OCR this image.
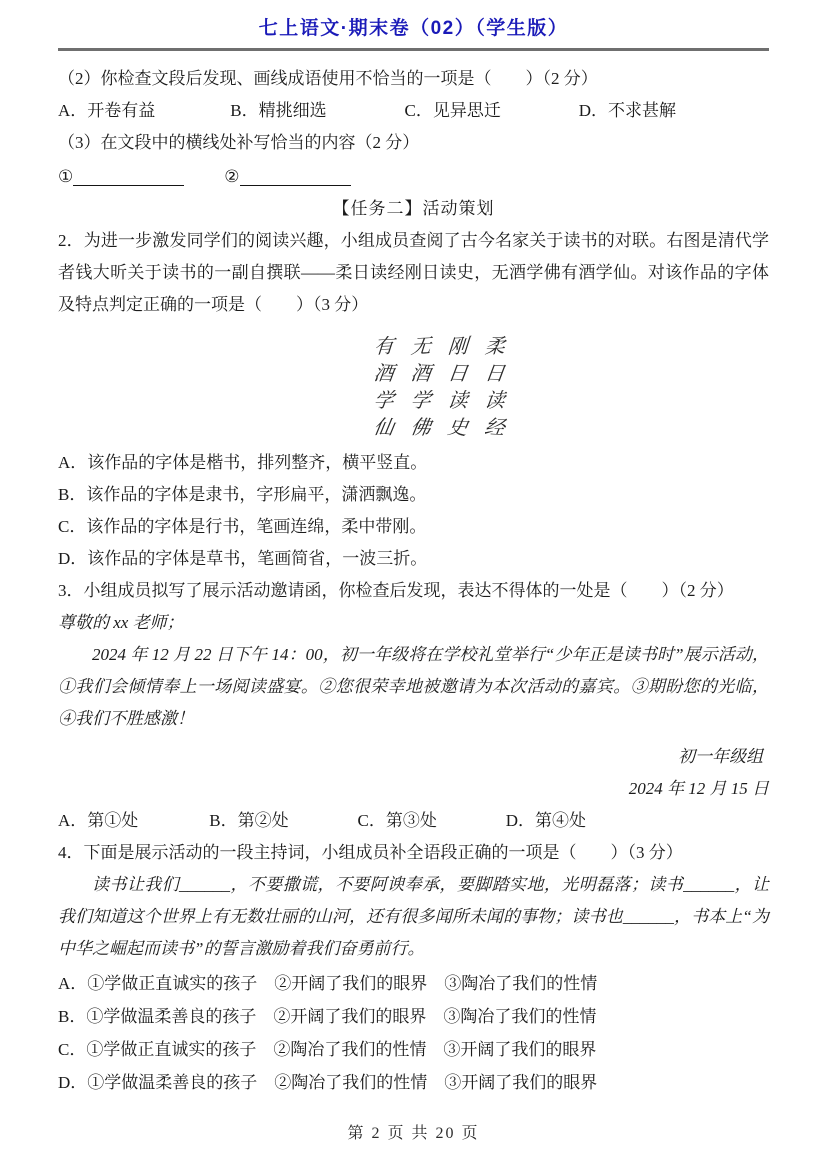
七上语文·期末卷（02）（学生版）
（2）你检查文段后发现、画线成语使用不恰当的一项是（　　）（2 分）
A．开卷有益	B．精挑细选	C．见异思迁	D．不求甚解
（3）在文段中的横线处补写恰当的内容（2 分）
①	②
【任务二】活动策划
2．为进一步激发同学们的阅读兴趣，小组成员查阅了古今名家关于读书的对联。右图是清代学者钱大昕关于读书的一副自撰联——柔日读经刚日读史，无酒学佛有酒学仙。对该作品的字体及特点判定正确的一项是（　　）（3 分）
有 无 刚 柔
酒 酒 日 日
学 学 读 读
仙 佛 史 经
A．该作品的字体是楷书，排列整齐，横平竖直。
B．该作品的字体是隶书，字形扁平，潇洒飘逸。
C．该作品的字体是行书，笔画连绵，柔中带刚。
D．该作品的字体是草书，笔画简省，一波三折。
3．小组成员拟写了展示活动邀请函，你检查后发现，表达不得体的一处是（　　）（2 分）
尊敬的 xx 老师；
2024 年 12 月 22 日下午 14：00，初一年级将在学校礼堂举行“少年正是读书时”展示活动，①我们会倾情奉上一场阅读盛宴。②您很荣幸地被邀请为本次活动的嘉宾。③期盼您的光临，④我们不胜感激！
初一年级组
2024 年 12 月 15 日
A．第①处	B．第②处	C．第③处	D．第④处
4．下面是展示活动的一段主持词，小组成员补全语段正确的一项是（　　）（3 分）
读书让我们______，不要撒谎，不要阿谀奉承，要脚踏实地，光明磊落；读书______，让我们知道这个世界上有无数壮丽的山河，还有很多闻所未闻的事物；读书也______，书本上“为中华之崛起而读书”的誓言激励着我们奋勇前行。
A．①学做正直诚实的孩子　②开阔了我们的眼界　③陶冶了我们的性情
B．①学做温柔善良的孩子　②开阔了我们的眼界　③陶冶了我们的性情
C．①学做正直诚实的孩子　②陶冶了我们的性情　③开阔了我们的眼界
D．①学做温柔善良的孩子　②陶冶了我们的性情　③开阔了我们的眼界
第 2 页 共 20 页
